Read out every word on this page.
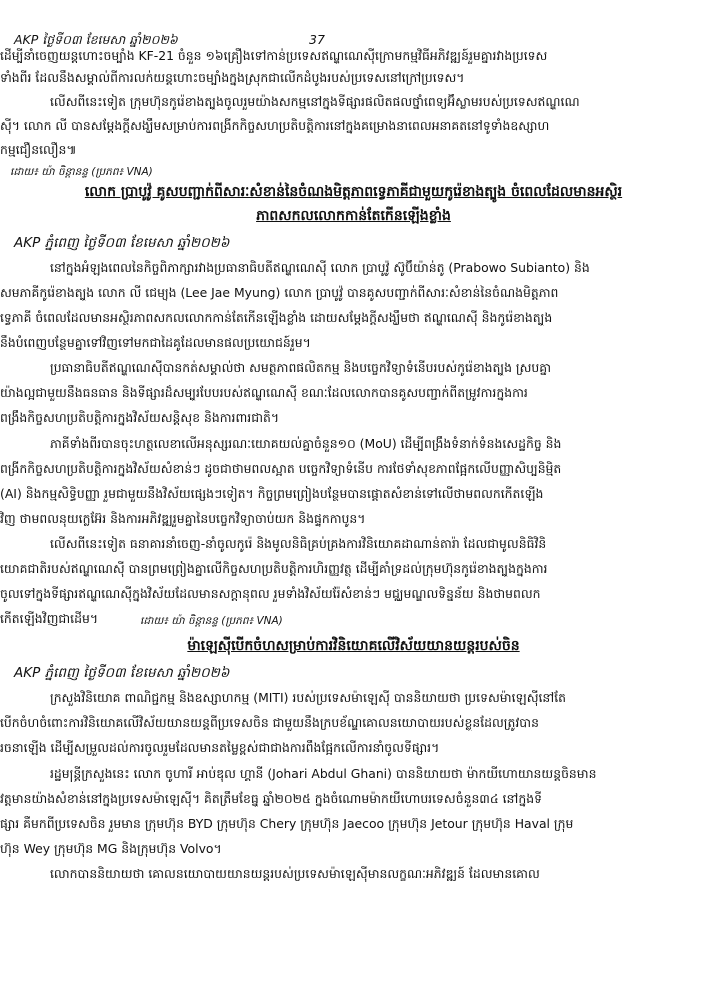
AKP ថ្ងៃទី០៣ ខែមេសា ឆ្នាំ២០២៦	37
ដើម្បីនាំចេញយន្តហោះចម្បាំង KF-21 ចំនួន ១៦គ្រឿងទៅកាន់ប្រទេសឥណ្ឌូណេស៊ីក្រោមកម្មវិធីអភិវឌ្ឍន៍រួមគ្នារវាងប្រទេស
ទាំងពីរ ដែលនឹងសម្គាល់ពីការលក់យន្តហោះចម្បាំងក្នុងស្រុកជាលើកដំបូងរបស់ប្រទេសនៅក្រៅប្រទេស។
លើសពីនេះទៀត ក្រុមហ៊ុនកូរ៉េខាងត្បូងចូលរួមយ៉ាងសកម្មនៅក្នុងទីផ្សារផលិតផលថ្នាំពេទ្យអ៊ីស្លាមរបស់ប្រទេសឥណ្ឌូណេ
ស៊ី។ លោក លី បានសម្តែងក្តីសង្ឃឹមសម្រាប់ការពង្រីកកិច្ចសហប្រតិបត្តិការនៅក្នុងគម្រោងនាពេលអនាគតនៅទូទាំងឧស្សាហ
កម្មជឿនលឿន៕
ដោយ៖ យ៉ា ចិន្តានន្ទ (ប្រភព៖ VNA)
លោក ប្រាបូវ៉ូ គូសបញ្ជាក់ពីសារៈសំខាន់នៃចំណងមិត្តភាពទ្វេភាគីជាមួយកូរ៉េខាងត្បូង ចំពេលដែលមានអស្ថិរ
ភាពសកលលោកកាន់តែកើនឡើងខ្លាំង
AKP ភ្នំពេញ ថ្ងៃទី០៣ ខែមេសា ឆ្នាំ២០២៦
នៅក្នុងអំឡុងពេលនៃកិច្ចពិភាក្សារវាងប្រធានាធិបតីឥណ្ឌូណេស៊ី លោក ប្រាបូវ៉ូ ស៊ូប៊ីយ៉ាន់តូ (Prabowo Subianto) និង
សមភាគីកូរ៉េខាងត្បូង លោក លី ជេម្យុង (Lee Jae Myung) លោក ប្រាបូវ៉ូ បានគូសបញ្ជាក់ពីសារៈសំខាន់នៃចំណងមិត្តភាព
ទ្វេភាគី ចំពេលដែលមានអស្ថិរភាពសកលលោកកាន់តែកើនឡើងខ្លាំង ដោយសម្តែងក្តីសង្ឃឹមថា ឥណ្ឌូណេស៊ី និងកូរ៉េខាងត្បូង
នឹងបំពេញបន្ថែមគ្នាទៅវិញទៅមកជាដៃគូដែលមានផលប្រយោជន៍រួម។
ប្រធានាធិបតីឥណ្ឌូណេស៊ីបានកត់សម្គាល់ថា សមត្ថភាពផលិតកម្ម និងបច្ចេកវិទ្យាទំនើបរបស់កូរ៉េខាងត្បូង ស្របគ្នា
យ៉ាងល្អជាមួយនឹងធនធាន និងទីផ្សារដ៏សម្បូរបែបរបស់ឥណ្ឌូណេស៊ី ខណៈដែលលោកបានគូសបញ្ជាក់ពីតម្រូវការក្នុងការ
ពង្រឹងកិច្ចសហប្រតិបត្តិការក្នុងវិស័យសន្តិសុខ និងការពារជាតិ។
ភាគីទាំងពីរបានចុះហត្ថលេខាលើអនុស្សរណៈយោគយល់គ្នាចំនួន១០ (MoU) ដើម្បីពង្រឹងទំនាក់ទំនងសេដ្ឋកិច្ច និង
ពង្រីកកិច្ចសហប្រតិបត្តិការក្នុងវិស័យសំខាន់ៗ ដូចជាថាមពលស្អាត បច្ចេកវិទ្យាទំនើប ការថែទាំសុខភាពផ្អែកលើបញ្ញាសិប្បនិម្មិត
(AI) និងកម្មសិទ្ធិបញ្ញា រួមជាមួយនឹងវិស័យផ្សេងៗទៀត។ កិច្ចព្រមព្រៀងបន្ថែមបានផ្តោតសំខាន់ទៅលើថាមពលកកើតឡើង
វិញ ថាមពលនុយក្លេអ៊ែរ និងការអភិវឌ្ឍរួមគ្នានៃបច្ចេកវិទ្យាចាប់យក និងផ្ទុកកាបូន។
លើសពីនេះទៀត ធនាគារនាំចេញ-នាំចូលកូរ៉េ និងមូលនិធិគ្រប់គ្រងការវិនិយោគដាណាន់តារ៉ា ដែលជាមូលនិធិវិនិ
យោគជាតិរបស់ឥណ្ឌូណេស៊ី បានព្រមព្រៀងគ្នាលើកិច្ចសហប្រតិបត្តិការហិរញ្ញវត្ថុ ដើម្បីគាំទ្រដល់ក្រុមហ៊ុនកូរ៉េខាងត្បូងក្នុងការ
ចូលទៅក្នុងទីផ្សារឥណ្ឌូណេស៊ីក្នុងវិស័យដែលមានសក្តានុពល រួមទាំងវិស័យរ៉ែសំខាន់ៗ មជ្ឈមណ្ឌលទិន្នន័យ និងថាមពលក
កើតឡើងវិញជាដើម។	ដោយ៖ យ៉ា ចិន្តានន្ទ (ប្រភព៖ VNA)
ម៉ាឡេស៊ីបើកចំហសម្រាប់ការវិនិយោគលើវិស័យយានយន្តរបស់ចិន
AKP ភ្នំពេញ ថ្ងៃទី០៣ ខែមេសា ឆ្នាំ២០២៦
ក្រសួងវិនិយោគ ពាណិជ្ជកម្ម និងឧស្សាហកម្ម (MITI) របស់ប្រទេសម៉ាឡេស៊ី បាននិយាយថា ប្រទេសម៉ាឡេស៊ីនៅតែ
បើកចំហចំពោះការវិនិយោគលើវិស័យយានយន្តពីប្រទេសចិន ជាមួយនឹងក្របខ័ណ្ឌគោលនយោបាយរបស់ខ្លួនដែលត្រូវបាន
រចនាឡើង ដើម្បីសម្រួលដល់ការចូលរួមដែលមានតម្លៃខ្ពស់ជាជាងការពឹងផ្អែកលើការនាំចូលទីផ្សារ។
រដ្ឋមន្ត្រីក្រសួងនេះ លោក ចូហារី អាប់ឌុល ហ្គានី (Johari Abdul Ghani) បាននិយាយថា ម៉ាកយីហោយានយន្តចិនមាន
វត្តមានយ៉ាងសំខាន់នៅក្នុងប្រទេសម៉ាឡេស៊ី។ គិតត្រឹមខែធ្នូ ឆ្នាំ២០២៥ ក្នុងចំណោមម៉ាកយីហោបរទេសចំនួន៣៤ នៅក្នុងទី
ផ្សារ គឺមកពីប្រទេសចិន រួមមាន ក្រុមហ៊ុន BYD ក្រុមហ៊ុន Chery ក្រុមហ៊ុន Jaecoo ក្រុមហ៊ុន Jetour ក្រុមហ៊ុន Haval ក្រុម
ហ៊ុន Wey ក្រុមហ៊ុន MG និងក្រុមហ៊ុន Volvo។
លោកបាននិយាយថា គោលនយោបាយយានយន្តរបស់ប្រទេសម៉ាឡេស៊ីមានលក្ខណៈអភិវឌ្ឍន៍ ដែលមានគោល
